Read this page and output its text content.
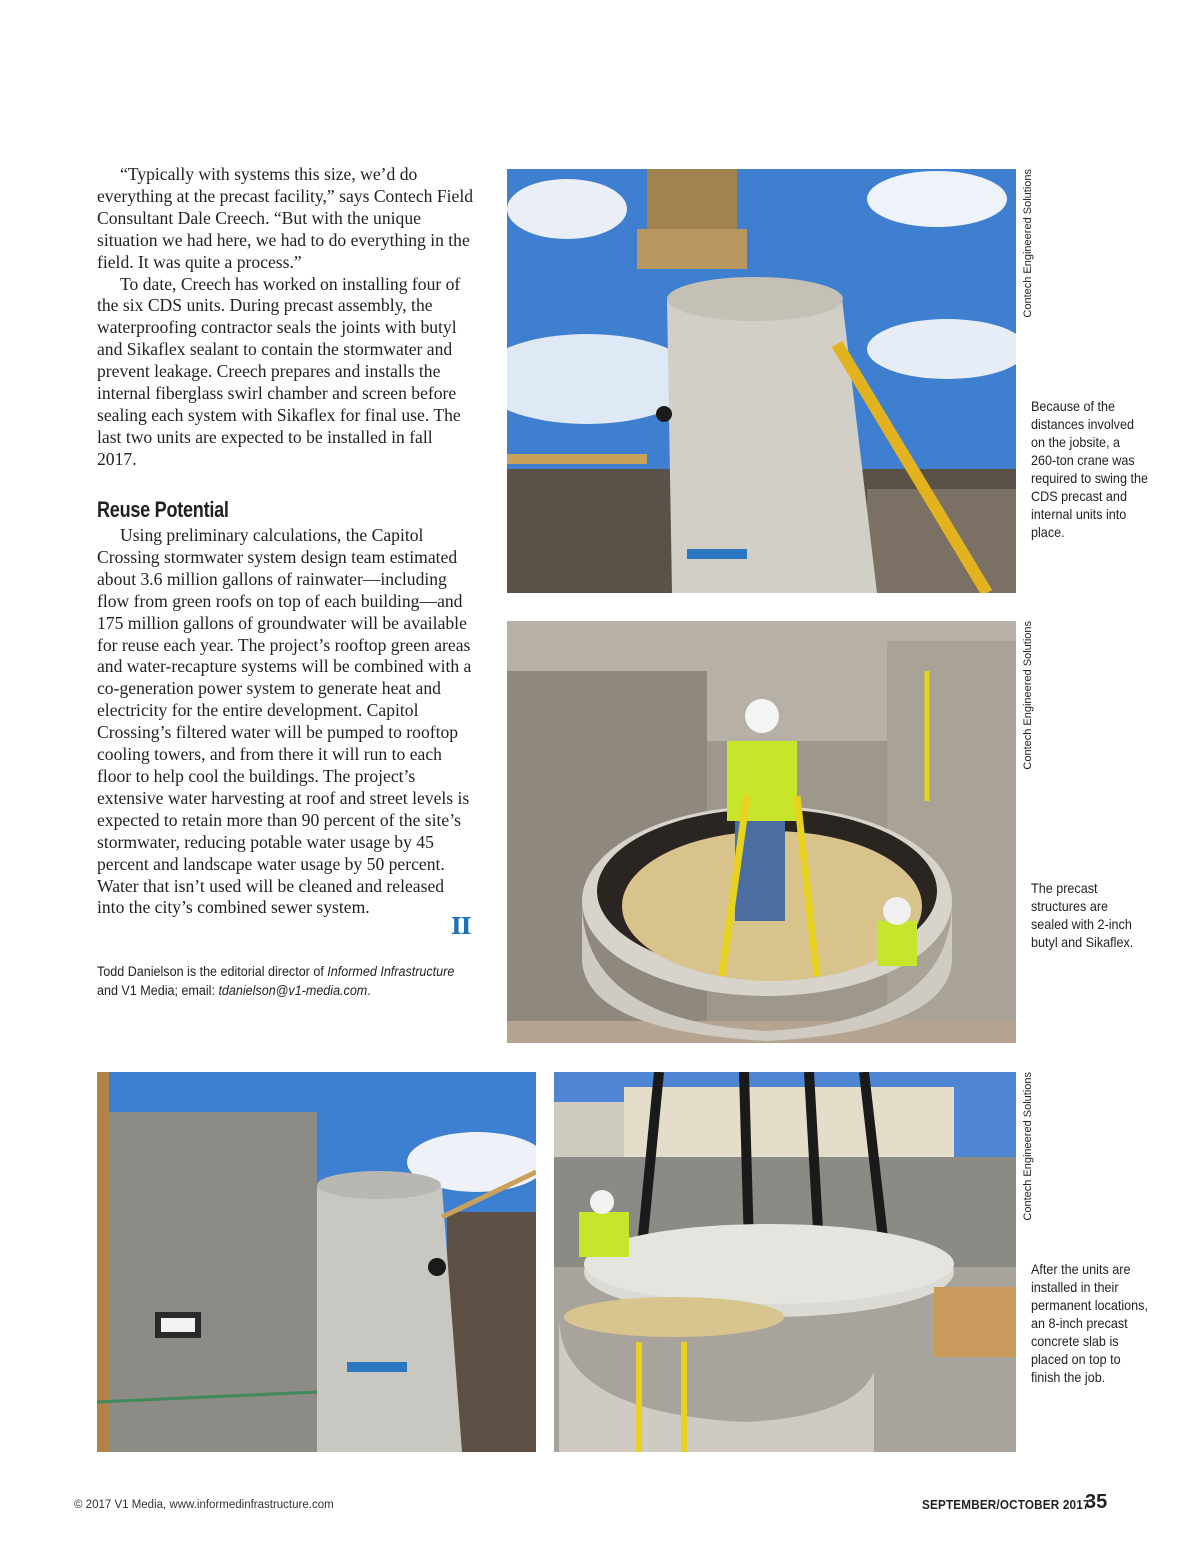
“Typically with systems this size, we’d do everything at the precast facility,” says Contech Field Consultant Dale Creech. “But with the unique situation we had here, we had to do everything in the field. It was quite a process.”

To date, Creech has worked on installing four of the six CDS units. During precast assembly, the waterproofing contractor seals the joints with butyl and Sikaflex sealant to contain the stormwater and prevent leakage. Creech prepares and installs the internal fiberglass swirl chamber and screen before sealing each system with Sikaflex for final use. The last two units are expected to be installed in fall 2017.

Reuse Potential

Using preliminary calculations, the Capitol Crossing stormwater system design team estimated about 3.6 million gallons of rainwater—including flow from green roofs on top of each building—and 175 million gallons of groundwater will be available for reuse each year. The project’s rooftop green areas and water-recapture systems will be combined with a co-generation power system to generate heat and electricity for the entire development. Capitol Crossing’s filtered water will be pumped to rooftop cooling towers, and from there it will run to each floor to help cool the buildings. The project’s extensive water harvesting at roof and street levels is expected to retain more than 90 percent of the site’s stormwater, reducing potable water usage by 45 percent and landscape water usage by 50 percent. Water that isn’t used will be cleaned and released into the city’s combined sewer system.

II
Todd Danielson is the editorial director of Informed Infrastructure and V1 Media; email: tdanielson@v1-media.com.
Contech Engineered Solutions
Because of the distances involved on the jobsite, a 260-ton crane was required to swing the CDS precast and internal units into place.
Contech Engineered Solutions
The precast structures are sealed with 2-inch butyl and Sikaflex.
Contech Engineered Solutions
After the units are installed in their permanent locations, an 8-inch precast concrete slab is placed on top to finish the job.
© 2017 V1 Media, www.informedinfrastructure.com	SEPTEMBER/OCTOBER 2017
35
